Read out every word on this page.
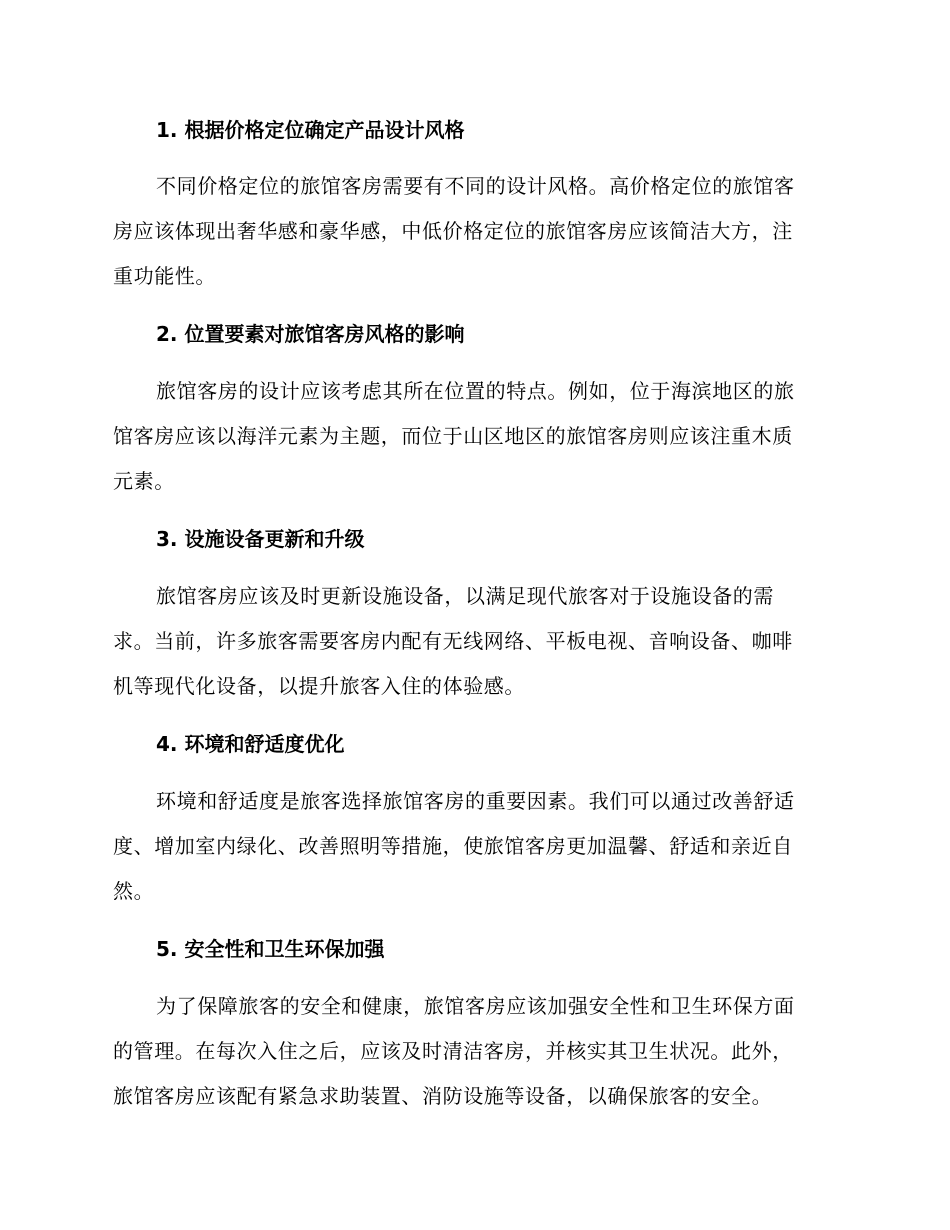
1. 根据价格定位确定产品设计风格

不同价格定位的旅馆客房需要有不同的设计风格。高价格定位的旅馆客

房应该体现出奢华感和豪华感，中低价格定位的旅馆客房应该简洁大方，注

重功能性。

2. 位置要素对旅馆客房风格的影响

旅馆客房的设计应该考虑其所在位置的特点。例如，位于海滨地区的旅

馆客房应该以海洋元素为主题，而位于山区地区的旅馆客房则应该注重木质

元素。

3. 设施设备更新和升级

旅馆客房应该及时更新设施设备，以满足现代旅客对于设施设备的需

求。当前，许多旅客需要客房内配有无线网络、平板电视、音响设备、咖啡

机等现代化设备，以提升旅客入住的体验感。

4. 环境和舒适度优化

环境和舒适度是旅客选择旅馆客房的重要因素。我们可以通过改善舒适

度、增加室内绿化、改善照明等措施，使旅馆客房更加温馨、舒适和亲近自

然。

5. 安全性和卫生环保加强

为了保障旅客的安全和健康，旅馆客房应该加强安全性和卫生环保方面

的管理。在每次入住之后，应该及时清洁客房，并核实其卫生状况。此外，

旅馆客房应该配有紧急求助装置、消防设施等设备，以确保旅客的安全。
